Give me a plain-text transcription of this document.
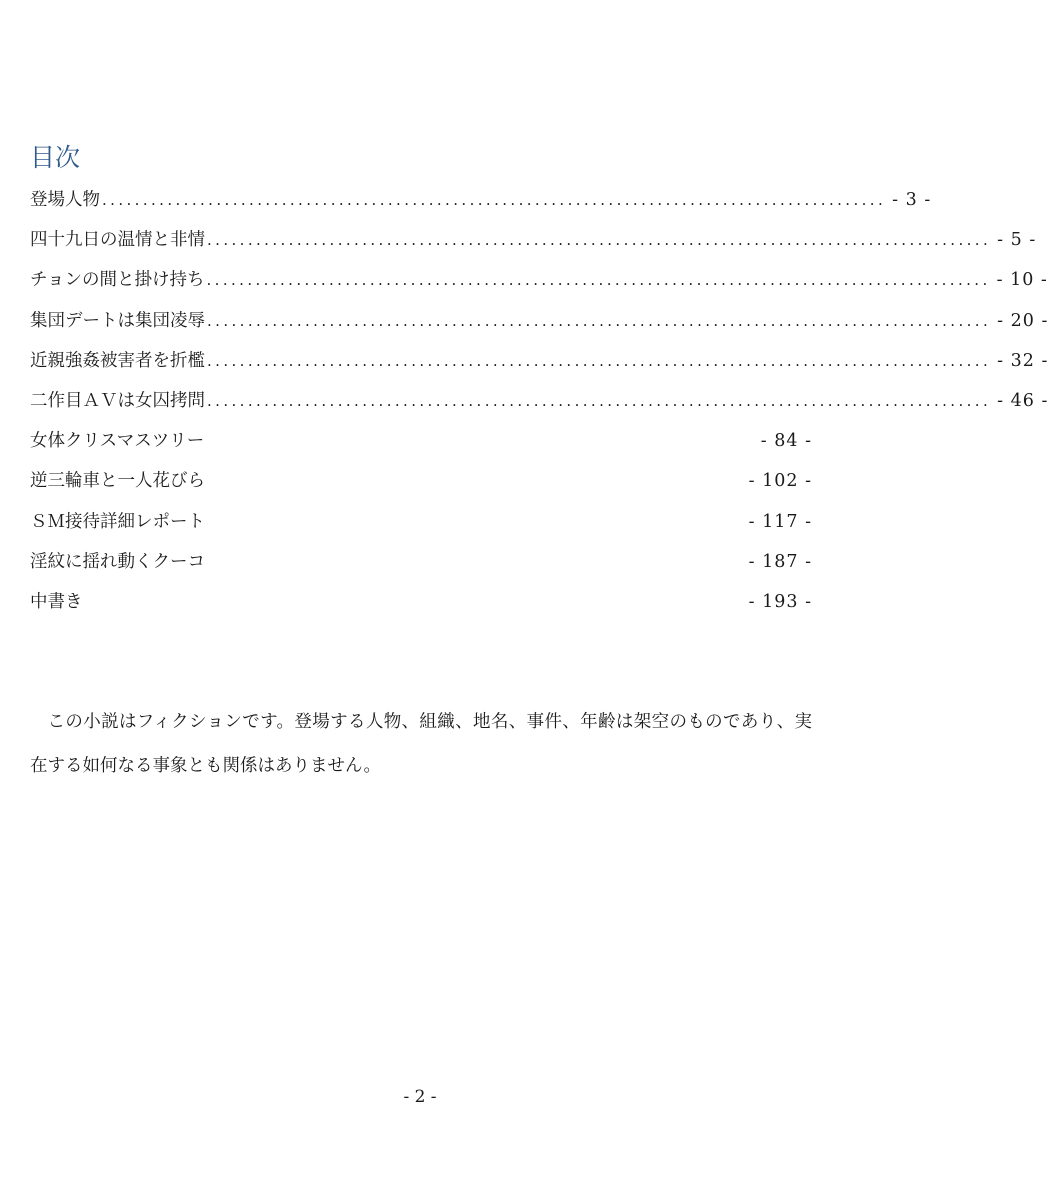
目次
登場人物 ................................................................................................ - 3 -
四十九日の温情と非情 ................................................................................................ - 5 -
チョンの間と掛け持ち ................................................................................................ - 10 -
集団デートは集団凌辱 ................................................................................................ - 20 -
近親強姦被害者を折檻 ................................................................................................ - 32 -
二作目ＡＶは女囚拷問 ................................................................................................ - 46 -
女体クリスマスツリー	- 84 -
逆三輪車と一人花びら	- 102 -
ＳＭ接待詳細レポート	- 117 -
淫紋に揺れ動くクーコ	- 187 -
中書き	- 193 -

この小説はフィクションです。登場する人物、組織、地名、事件、年齢は架空のものであり、実在する如何なる事象とも関係はありません。

- 2 -
